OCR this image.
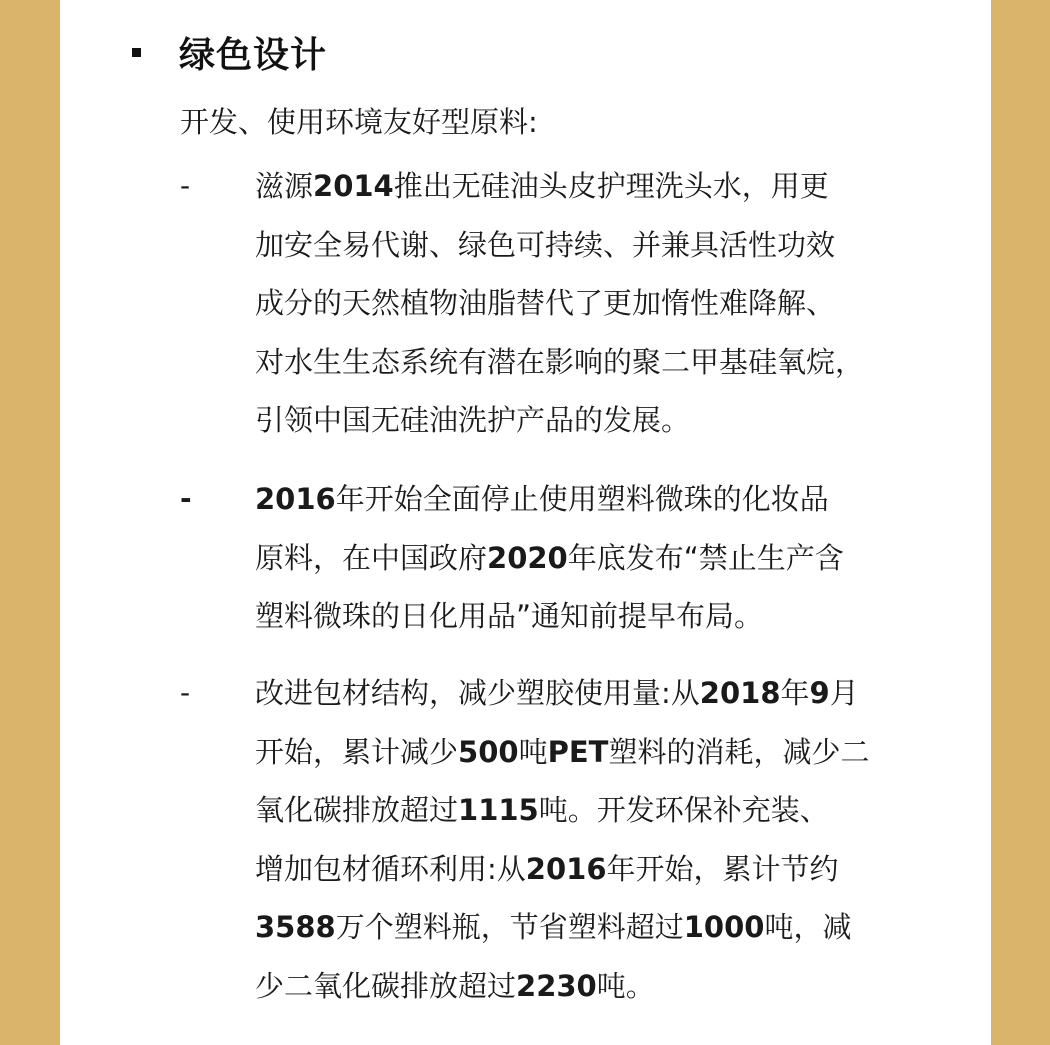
绿色设计
开发、使用环境友好型原料:
-	滋源2014推出无硅油头皮护理洗头水，用更
加安全易代谢、绿色可持续、并兼具活性功效
成分的天然植物油脂替代了更加惰性难降解、
对水生生态系统有潜在影响的聚二甲基硅氧烷，
引领中国无硅油洗护产品的发展。
- 2016年开始全面停止使用塑料微珠的化妆品
原料，在中国政府2020年底发布“禁止生产含
塑料微珠的日化用品”通知前提早布局。
-	改进包材结构，减少塑胶使用量:从2018年9月
开始，累计减少500吨PET塑料的消耗，减少二
氧化碳排放超过1115吨。开发环保补充装、
增加包材循环利用:从2016年开始，累计节约
3588万个塑料瓶，节省塑料超过1000吨，减
少二氧化碳排放超过2230吨。
